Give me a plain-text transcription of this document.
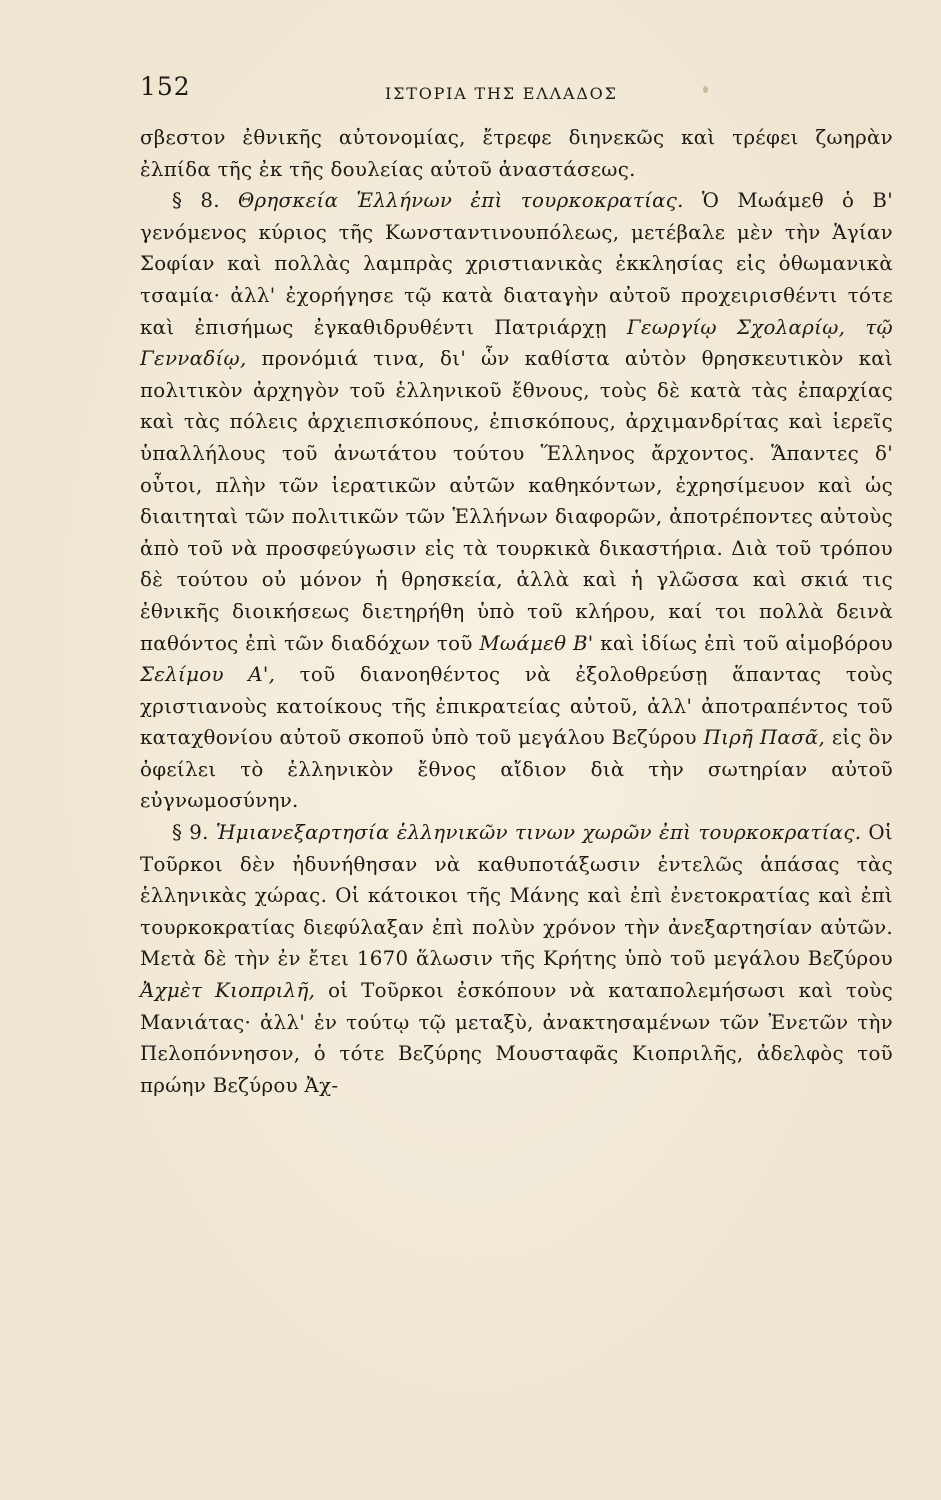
152	ΙΣΤΟΡΙΑ ΤΗΣ ΕΛΛΑΔΟΣ

σβεστον ἐθνικῆς αὐτονομίας, ἔτρεφε διηνεκῶς καὶ τρέφει ζωηρὰν ἐλπίδα τῆς ἐκ τῆς δουλείας αὐτοῦ ἀναστάσεως.

§ 8. Θρησκεία Ἑλλήνων ἐπὶ τουρκοκρατίας. Ὁ Μωάμεθ ὁ Β' γενόμενος κύριος τῆς Κωνσταντινουπόλεως, μετέβαλε μὲν τὴν Ἁγίαν Σοφίαν καὶ πολλὰς λαμπρὰς χριστιανικὰς ἐκκλησίας εἰς ὀθωμανικὰ τσαμία· ἀλλ' ἐχορήγησε τῷ κατὰ διαταγὴν αὐτοῦ προχειρισθέντι τότε καὶ ἐπισήμως ἐγκαθιδρυθέντι Πατριάρχῃ Γεωργίῳ Σχολαρίῳ, τῷ Γενναδίῳ, προνόμιά τινα, δι' ὧν καθίστα αὐτὸν θρησκευτικὸν καὶ πολιτικὸν ἀρχηγὸν τοῦ ἑλληνικοῦ ἔθνους, τοὺς δὲ κατὰ τὰς ἐπαρχίας καὶ τὰς πόλεις ἀρχιεπισκόπους, ἐπισκόπους, ἀρχιμανδρίτας καὶ ἱερεῖς ὑπαλλήλους τοῦ ἀνωτάτου τούτου Ἕλληνος ἄρχοντος. Ἅπαντες δ' οὗτοι, πλὴν τῶν ἱερατικῶν αὐτῶν καθηκόντων, ἐχρησίμευον καὶ ὡς διαιτηταὶ τῶν πολιτικῶν τῶν Ἑλλήνων διαφορῶν, ἀποτρέποντες αὐτοὺς ἀπὸ τοῦ νὰ προσφεύγωσιν εἰς τὰ τουρκικὰ δικαστήρια. Διὰ τοῦ τρόπου δὲ τούτου οὐ μόνον ἡ θρησκεία, ἀλλὰ καὶ ἡ γλῶσσα καὶ σκιά τις ἐθνικῆς διοικήσεως διετηρήθη ὑπὸ τοῦ κλήρου, καί τοι πολλὰ δεινὰ παθόντος ἐπὶ τῶν διαδόχων τοῦ Μωάμεθ Β' καὶ ἰδίως ἐπὶ τοῦ αἱμοβόρου Σελίμου Α', τοῦ διανοηθέντος νὰ ἐξολοθρεύσῃ ἅπαντας τοὺς χριστιανοὺς κατοίκους τῆς ἐπικρατείας αὐτοῦ, ἀλλ' ἀποτραπέντος τοῦ καταχθονίου αὐτοῦ σκοποῦ ὑπὸ τοῦ μεγάλου Βεζύρου Πιρῆ Πασᾶ, εἰς ὃν ὀφείλει τὸ ἑλληνικὸν ἔθνος αἴδιον διὰ τὴν σωτηρίαν αὐτοῦ εὐγνωμοσύνην.

§ 9. Ἡμιανεξαρτησία ἑλληνικῶν τινων χωρῶν ἐπὶ τουρκοκρατίας. Οἱ Τοῦρκοι δὲν ἠδυνήθησαν νὰ καθυποτάξωσιν ἐντελῶς ἁπάσας τὰς ἑλληνικὰς χώρας. Οἱ κάτοικοι τῆς Μάνης καὶ ἐπὶ ἐνετοκρατίας καὶ ἐπὶ τουρκοκρατίας διεφύλαξαν ἐπὶ πολὺν χρόνον τὴν ἀνεξαρτησίαν αὐτῶν. Μετὰ δὲ τὴν ἐν ἔτει 1670 ἅλωσιν τῆς Κρήτης ὑπὸ τοῦ μεγάλου Βεζύρου Ἀχμὲτ Κιοπριλῆ, οἱ Τοῦρκοι ἐσκόπουν νὰ καταπολεμήσωσι καὶ τοὺς Μανιάτας· ἀλλ' ἐν τούτῳ τῷ μεταξὺ, ἀνακτησαμένων τῶν Ἐνετῶν τὴν Πελοπόννησον, ὁ τότε Βεζύρης Μουσταφᾶς Κιοπριλῆς, ἀδελφὸς τοῦ πρώην Βεζύρου Ἀχ-
